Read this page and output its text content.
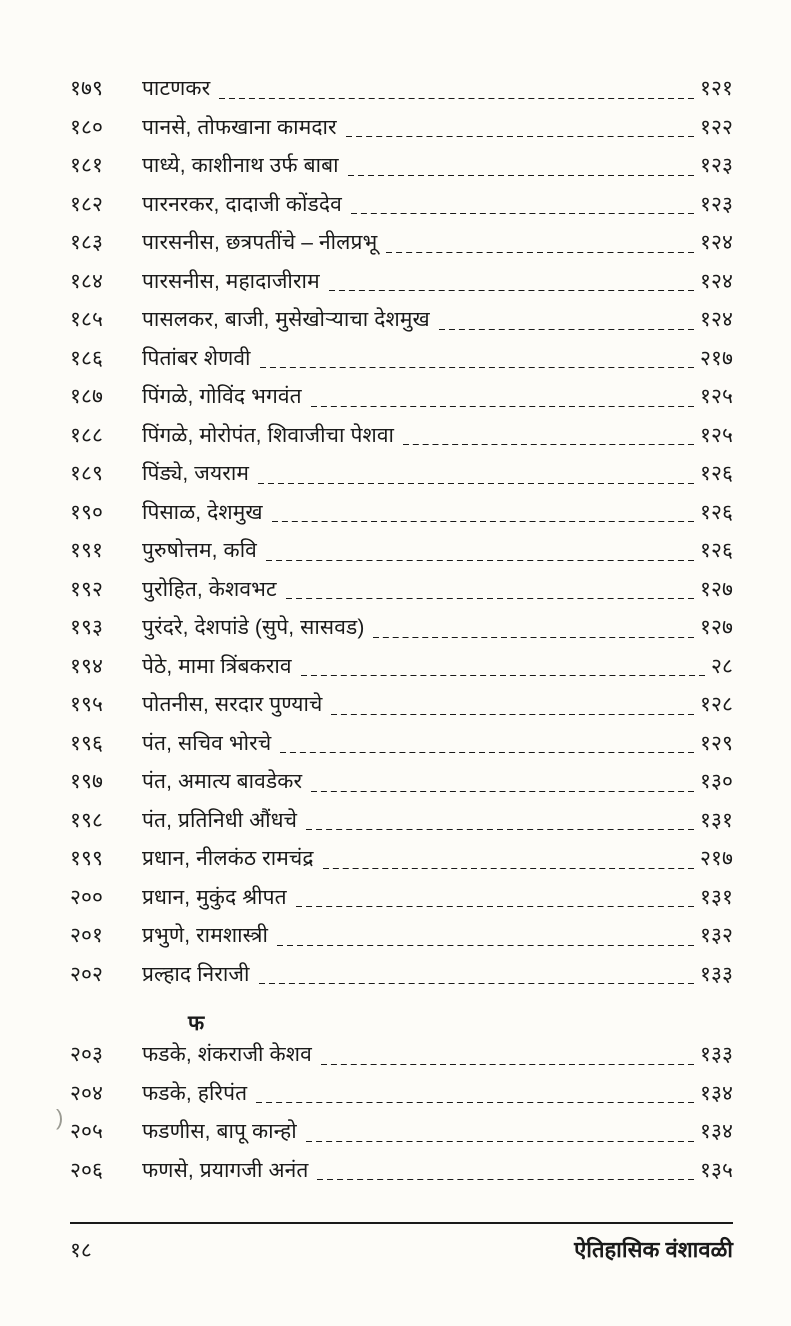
)
१७९	पाटणकर	१२१
१८०	पानसे, तोफखाना कामदार	१२२
१८१	पाध्ये, काशीनाथ उर्फ बाबा	१२३
१८२	पारनरकर, दादाजी कोंडदेव	१२३
१८३	पारसनीस, छत्रपतींचे – नीलप्रभू	१२४
१८४	पारसनीस, महादाजीराम	१२४
१८५	पासलकर, बाजी, मुसेखोऱ्याचा देशमुख	१२४
१८६	पितांबर शेणवी	२१७
१८७	पिंगळे, गोविंद भगवंत	१२५
१८८	पिंगळे, मोरोपंत, शिवाजीचा पेशवा	१२५
१८९	पिंड्ये, जयराम	१२६
१९०	पिसाळ, देशमुख	१२६
१९१	पुरुषोत्तम, कवि	१२६
१९२	पुरोहित, केशवभट	१२७
१९३	पुरंदरे, देशपांडे (सुपे, सासवड)	१२७
१९४	पेठे, मामा त्रिंबकराव	२८
१९५	पोतनीस, सरदार पुण्याचे	१२८
१९६	पंत, सचिव भोरचे	१२९
१९७	पंत, अमात्य बावडेकर	१३०
१९८	पंत, प्रतिनिधी औंधचे	१३१
१९९	प्रधान, नीलकंठ रामचंद्र	२१७
२००	प्रधान, मुकुंद श्रीपत	१३१
२०१	प्रभुणे, रामशास्त्री	१३२
२०२	प्रल्हाद निराजी	१३३
फ
२०३	फडके, शंकराजी केशव	१३३
२०४	फडके, हरिपंत	१३४
२०५	फडणीस, बापू कान्हो	१३४
२०६	फणसे, प्रयागजी अनंत	१३५
१८	ऐतिहासिक वंशावळी
